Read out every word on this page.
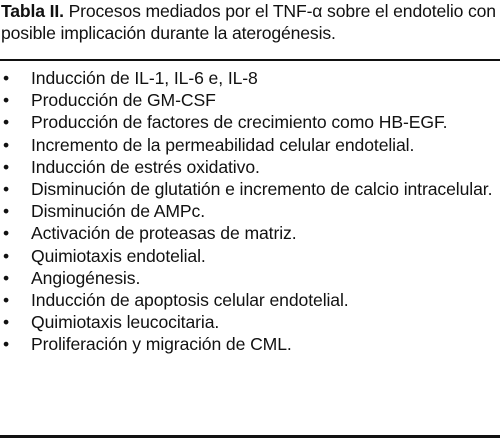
Tabla II. Procesos mediados por el TNF-α sobre el endotelio con posible implicación durante la aterogénesis.
• Inducción de IL-1, IL-6 e, IL-8
• Producción de GM-CSF
• Producción de factores de crecimiento como HB-EGF.
• Incremento de la permeabilidad celular endotelial.
• Inducción de estrés oxidativo.
• Disminución de glutatión e incremento de calcio intracelular.
• Disminución de AMPc.
• Activación de proteasas de matriz.
• Quimiotaxis endotelial.
• Angiogénesis.
• Inducción de apoptosis celular endotelial.
• Quimiotaxis leucocitaria.
• Proliferación y migración de CML.
